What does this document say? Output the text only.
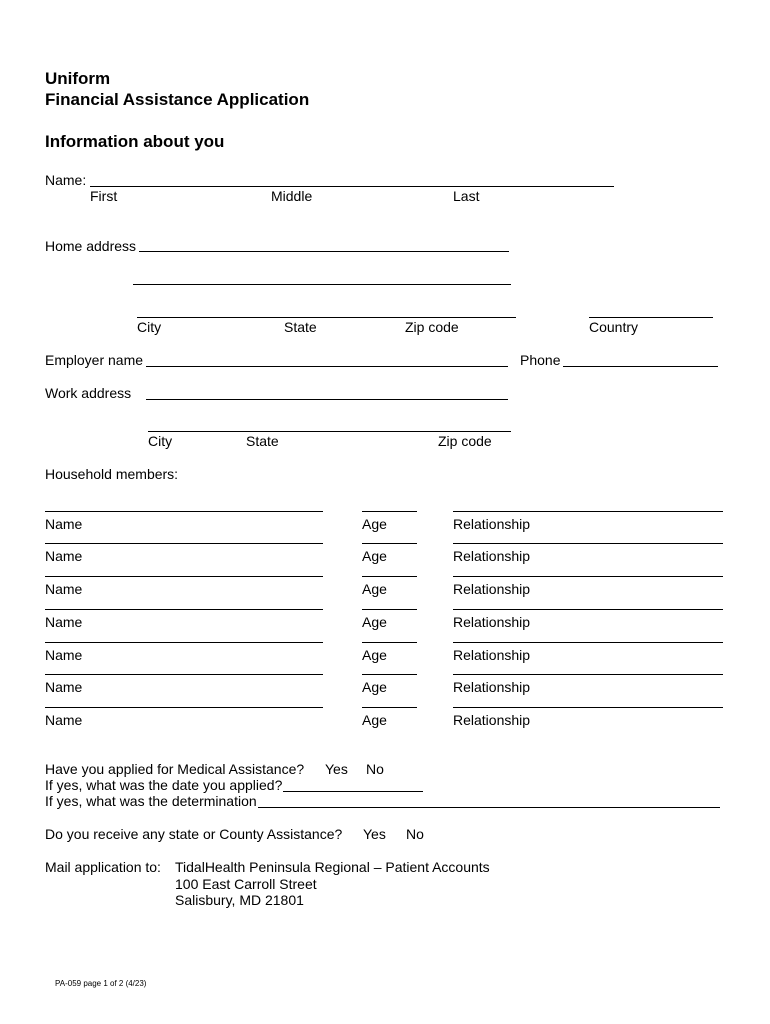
Uniform
Financial Assistance Application
Information about you
Name:
First	Middle	Last
Home address
City	State	Zip code	Country
Employer name	Phone
Work address
City	State	Zip code
Household members:
Name	Age	Relationship
Name	Age	Relationship
Name	Age	Relationship
Name	Age	Relationship
Name	Age	Relationship
Name	Age	Relationship
Name	Age	Relationship
Have you applied for Medical Assistance? Yes No
If yes, what was the date you applied?
If yes, what was the determination
Do you receive any state or County Assistance? Yes No
Mail application to: TidalHealth Peninsula Regional – Patient Accounts
100 East Carroll Street
Salisbury, MD 21801
PA-059 page 1 of 2 (4/23)
